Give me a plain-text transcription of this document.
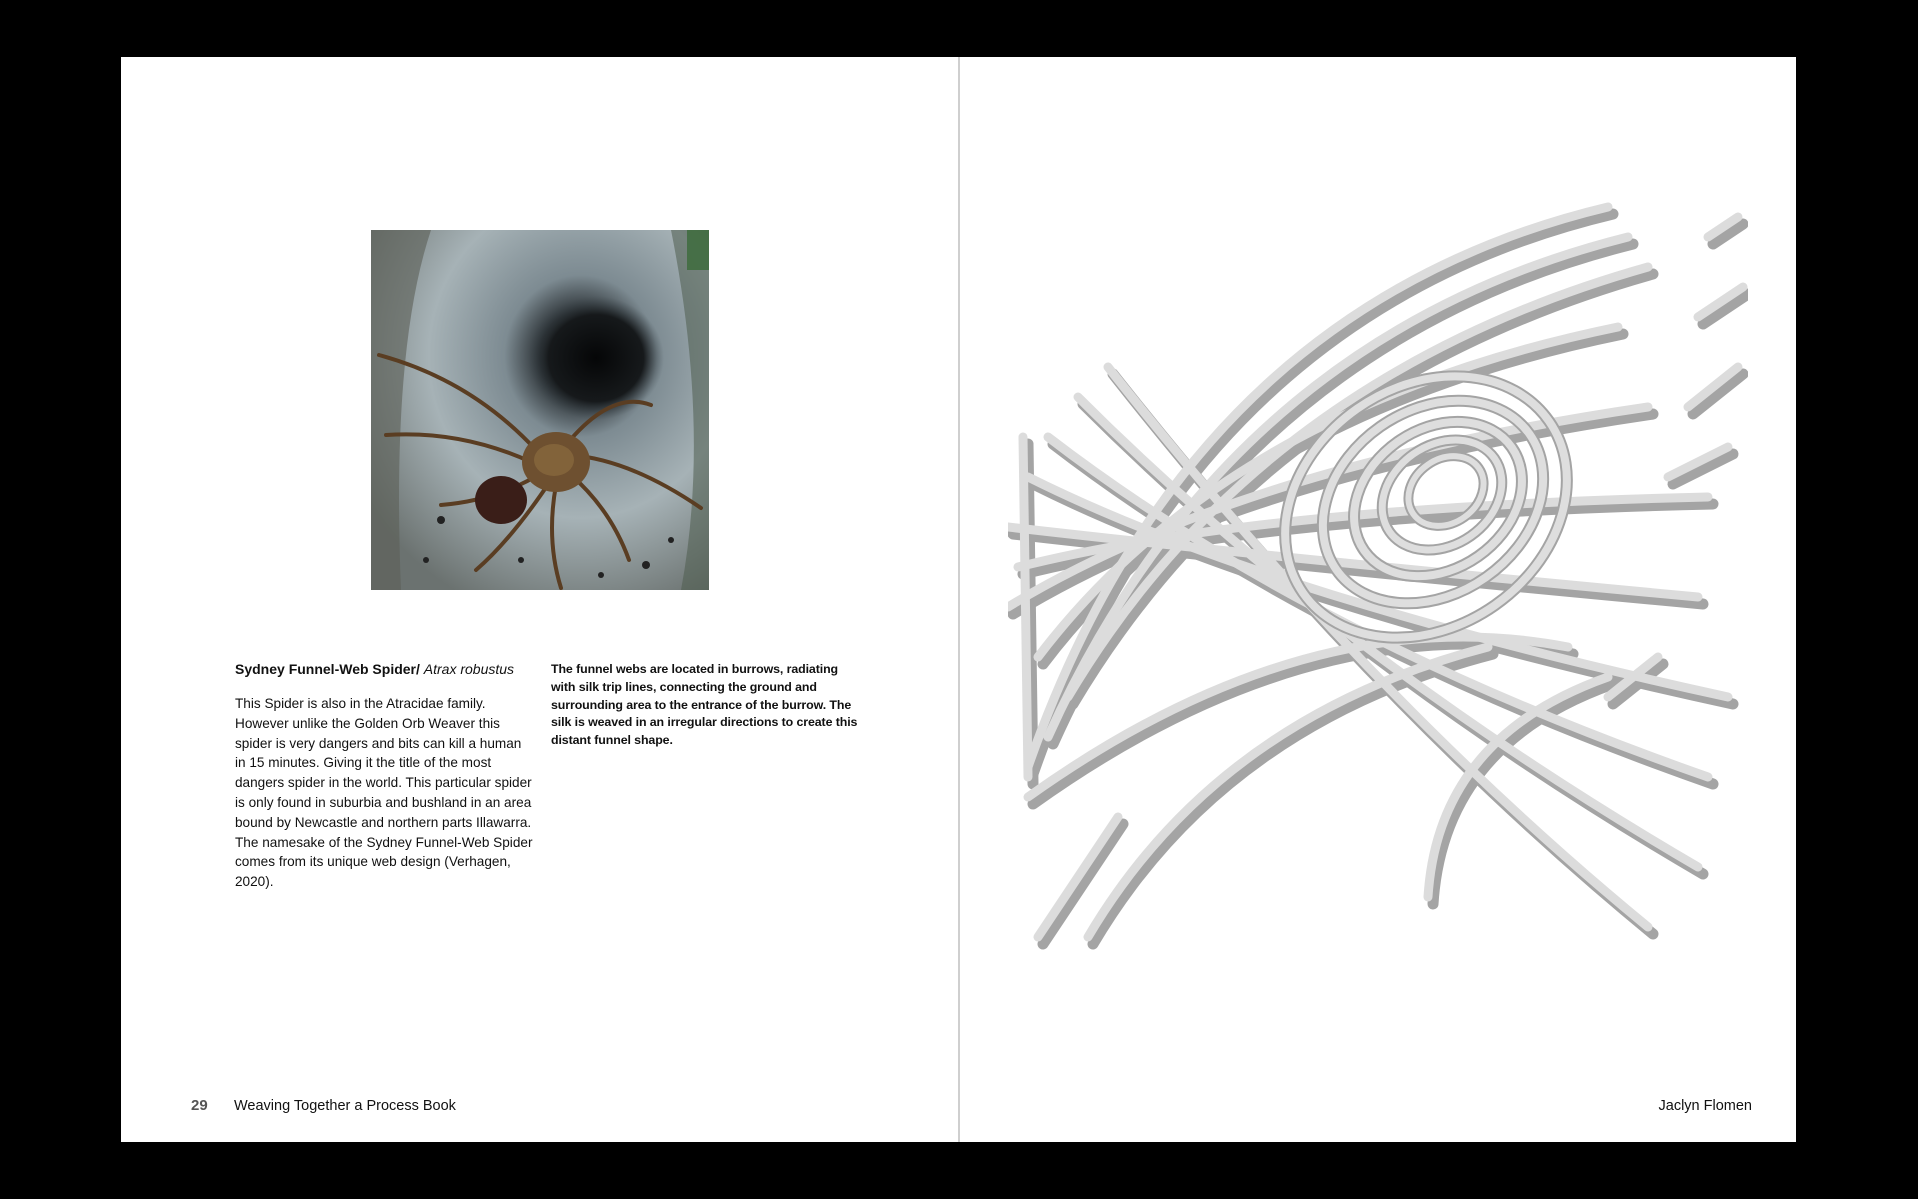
Sydney Funnel-Web Spider/ Atrax robustus

This Spider is also in the Atracidae family. However unlike the Golden Orb Weaver this spider is very dangers and bits can kill a human in 15 minutes. Giving it the title of the most dangers spider in the world. This particular spider is only found in suburbia and bushland in an area bound by Newcastle and northern parts Illawarra. The namesake of the Sydney Funnel-Web Spider comes from its unique web design (Verhagen, 2020).

The funnel webs are located in burrows, radiating with silk trip lines, connecting the ground and surrounding area to the entrance of the burrow. The silk is weaved in an irregular directions to create this distant funnel shape.

29 Weaving Together a Process Book	Jaclyn Flomen
